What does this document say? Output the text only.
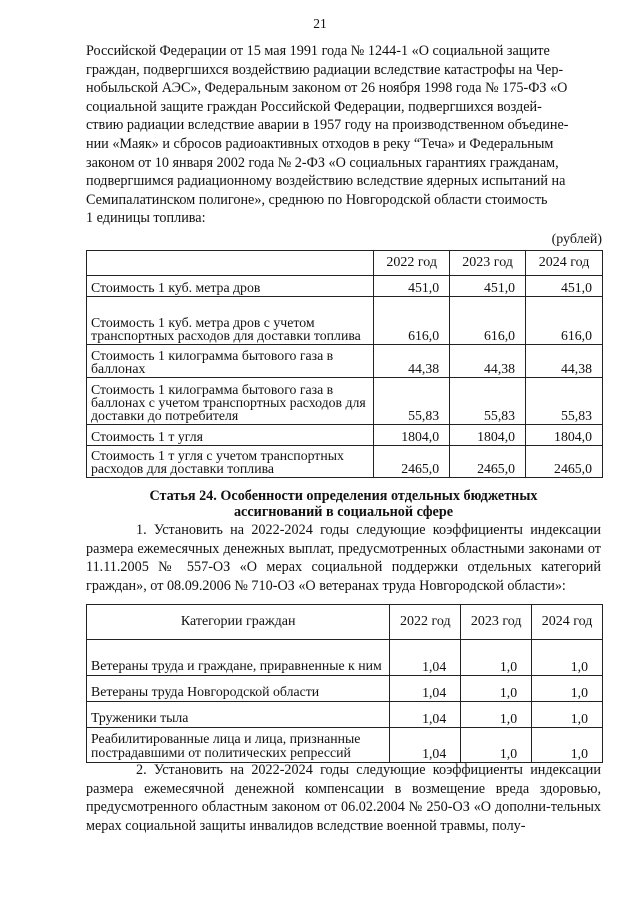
21
Российской Федерации от 15 мая 1991 года № 1244-1 «О социальной защите
граждан, подвергшихся воздействию радиации вследствие катастрофы на Чер-
нобыльской АЭС», Федеральным законом от 26 ноября 1998 года № 175-ФЗ «О
социальной защите граждан Российской Федерации, подвергшихся воздей-
ствию радиации вследствие аварии в 1957 году на производственном объедине-
нии «Маяк» и сбросов радиоактивных отходов в реку “Теча» и Федеральным
законом от 10 января 2002 года № 2-ФЗ «О социальных гарантиях гражданам,
подвергшимся радиационному воздействию вследствие ядерных испытаний на
Семипалатинском полигоне», среднюю по Новгородской области стоимость
1 единицы топлива:
(рублей)
	2022 год	2023 год	2024 год
Стоимость 1 куб. метра дров	451,0	451,0	451,0
Стоимость 1 куб. метра дров с учетом транспортных расходов для доставки топлива	616,0	616,0	616,0
Стоимость 1 килограмма бытового газа в баллонах	44,38	44,38	44,38
Стоимость 1 килограмма бытового газа в баллонах с учетом транспортных расходов для доставки до потребителя	55,83	55,83	55,83
Стоимость 1 т угля	1804,0	1804,0	1804,0
Стоимость 1 т угля с учетом транспортных расходов для доставки топлива	2465,0	2465,0	2465,0
Статья 24. Особенности определения отдельных бюджетных
ассигнований в социальной сфере

1. Установить на 2022-2024 годы следующие коэффициенты индексации размера ежемесячных денежных выплат, предусмотренных областными законами от 11.11.2005 № 557-ОЗ «О мерах социальной поддержки отдельных категорий граждан», от 08.09.2006 № 710-ОЗ «О ветеранах труда Новгородской области»:

Категории граждан	2022 год	2023 год	2024 год
Ветераны труда и граждане, приравненные к ним	1,04	1,0	1,0
Ветераны труда Новгородской области	1,04	1,0	1,0
Труженики тыла	1,04	1,0	1,0
Реабилитированные лица и лица, признанные пострадавшими от политических репрессий	1,04	1,0	1,0

2. Установить на 2022-2024 годы следующие коэффициенты индексации размера ежемесячной денежной компенсации в возмещение вреда здоровью, предусмотренного областным законом от 06.02.2004 № 250-ОЗ «О дополни-тельных мерах социальной защиты инвалидов вследствие военной травмы, полу-
